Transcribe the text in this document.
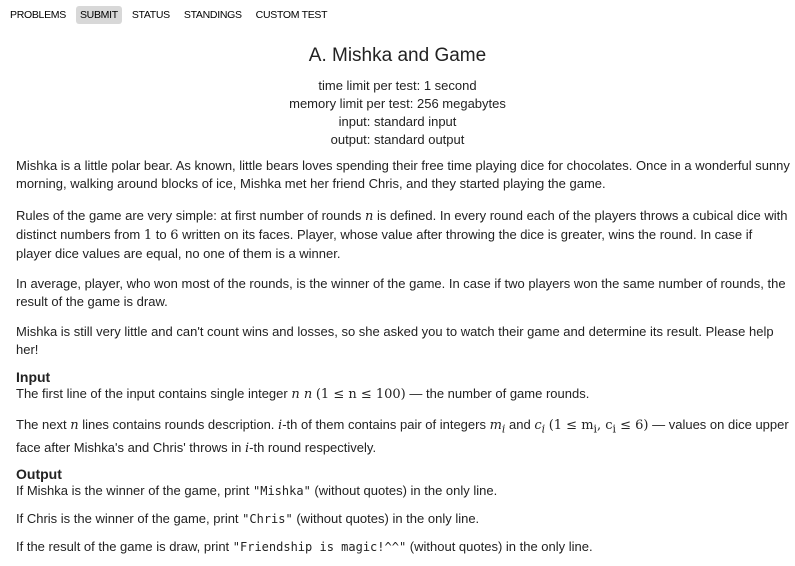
PROBLEMS	SUBMIT	STATUS	STANDINGS	CUSTOM TEST
A. Mishka and Game
time limit per test: 1 second
memory limit per test: 256 megabytes
input: standard input
output: standard output

Mishka is a little polar bear. As known, little bears loves spending their free time playing dice for chocolates. Once in a wonderful sunny morning, walking around blocks of ice, Mishka met her friend Chris, and they started playing the game.

Rules of the game are very simple: at first number of rounds n is defined. In every round each of the players throws a cubical dice with distinct numbers from 1 to 6 written on its faces. Player, whose value after throwing the dice is greater, wins the round. In case if player dice values are equal, no one of them is a winner.

In average, player, who won most of the rounds, is the winner of the game. In case if two players won the same number of rounds, the result of the game is draw.

Mishka is still very little and can't count wins and losses, so she asked you to watch their game and determine its result. Please help her!

Input

The first line of the input contains single integer n n (1 ≤ n ≤ 100) — the number of game rounds.

The next n lines contains rounds description. i-th of them contains pair of integers $m_i$ and $c_i$ ($1 \le m_i$, $c_i \le 6$) — values on dice upper face after Mishka's and Chris' throws in i-th round respectively.

Output

If Mishka is the winner of the game, print "Mishka" (without quotes) in the only line.

If Chris is the winner of the game, print "Chris" (without quotes) in the only line.

If the result of the game is draw, print "Friendship is magic!^^" (without quotes) in the only line.
